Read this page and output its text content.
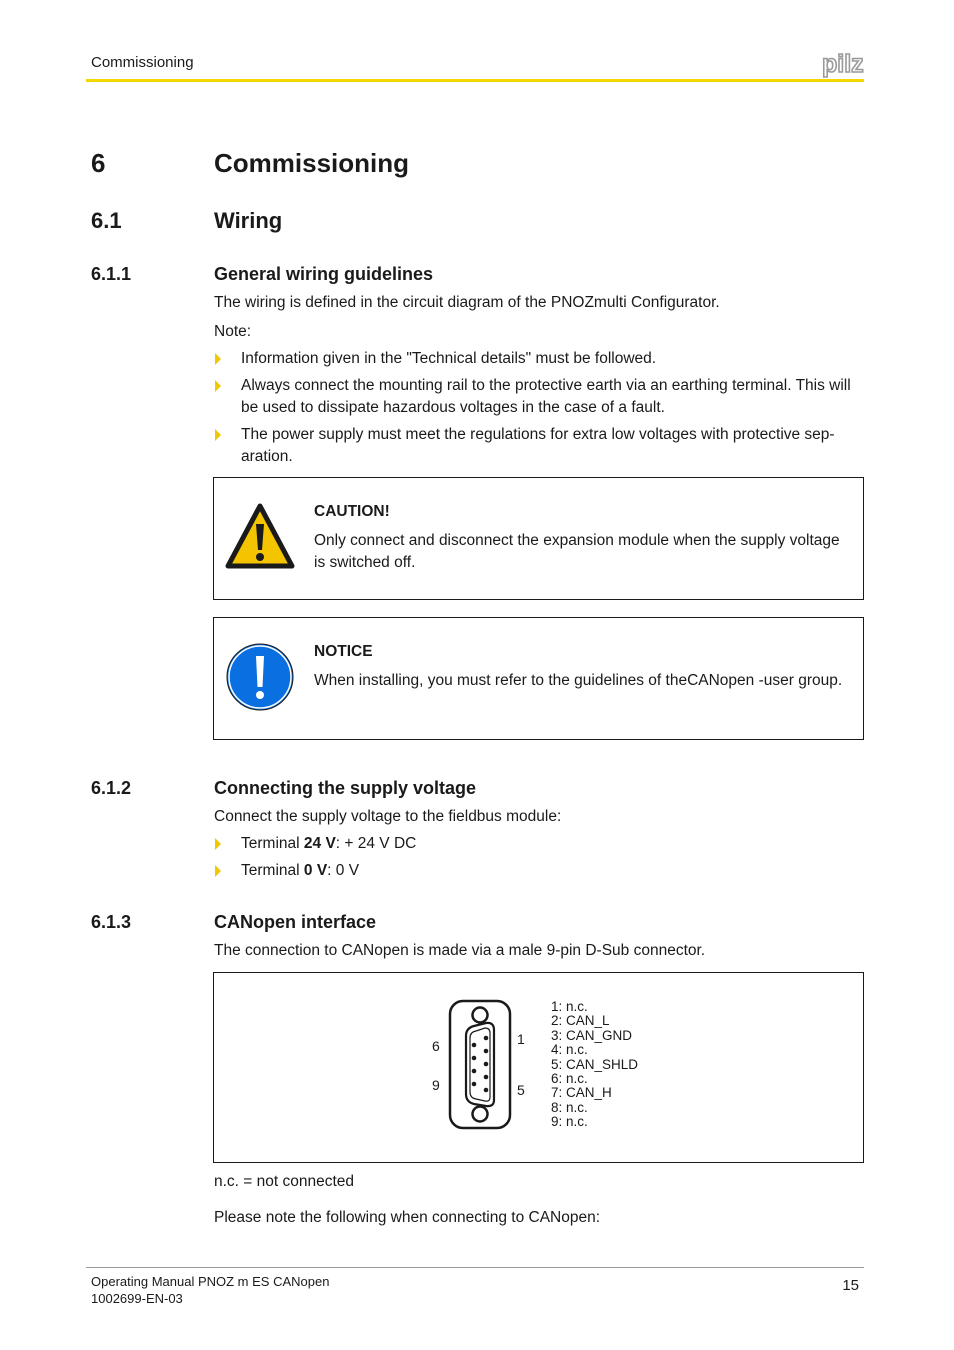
Commissioning	pilz
6	Commissioning
6.1	Wiring
6.1.1	General wiring guidelines
The wiring is defined in the circuit diagram of the PNOZmulti Configurator.
Note:
Information given in the "Technical details" must be followed.
Always connect the mounting rail to the protective earth via an earthing terminal. This will be used to dissipate hazardous voltages in the case of a fault.
The power supply must meet the regulations for extra low voltages with protective sep-aration.
CAUTION!
Only connect and disconnect the expansion module when the supply voltage is switched off.
NOTICE
When installing, you must refer to the guidelines of theCANopen -user group.
6.1.2	Connecting the supply voltage
Connect the supply voltage to the fieldbus module:
Terminal 24 V: + 24 V DC
Terminal 0 V: 0 V
6.1.3	CANopen interface
The connection to CANopen is made via a male 9-pin D-Sub connector.
6
9
1
5
1: n.c.
2: CAN_L
3: CAN_GND
4: n.c.
5: CAN_SHLD
6: n.c.
7: CAN_H
8: n.c.
9: n.c.
n.c. = not connected
Please note the following when connecting to CANopen:
Operating Manual PNOZ m ES CANopen
1002699-EN-03
15
